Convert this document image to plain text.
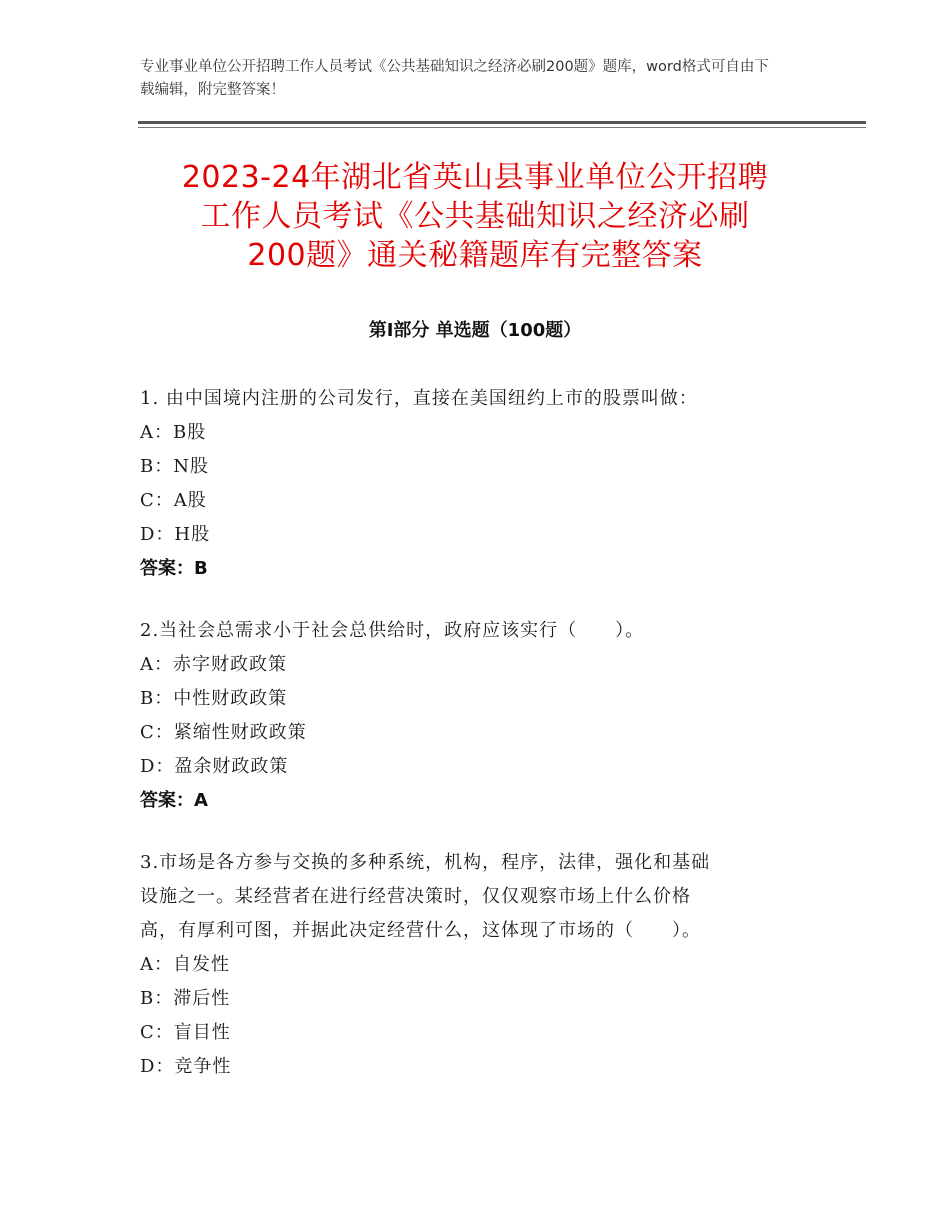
专业事业单位公开招聘工作人员考试《公共基础知识之经济必刷200题》题库，word格式可自由下载编辑，附完整答案！
2023-24年湖北省英山县事业单位公开招聘
工作人员考试《公共基础知识之经济必刷
200题》通关秘籍题库有完整答案
第Ⅰ部分 单选题（100题）
1. 由中国境内注册的公司发行，直接在美国纽约上市的股票叫做：
A：B股
B：N股
C：A股
D：H股
答案：B
2.当社会总需求小于社会总供给时，政府应该实行（　　）。
A：赤字财政政策
B：中性财政政策
C：紧缩性财政政策
D：盈余财政政策
答案：A
3.市场是各方参与交换的多种系统，机构，程序，法律，强化和基础
设施之一。某经营者在进行经营决策时，仅仅观察市场上什么价格
高，有厚利可图，并据此决定经营什么，这体现了市场的（　　）。
A：自发性
B：滞后性
C：盲目性
D：竞争性
